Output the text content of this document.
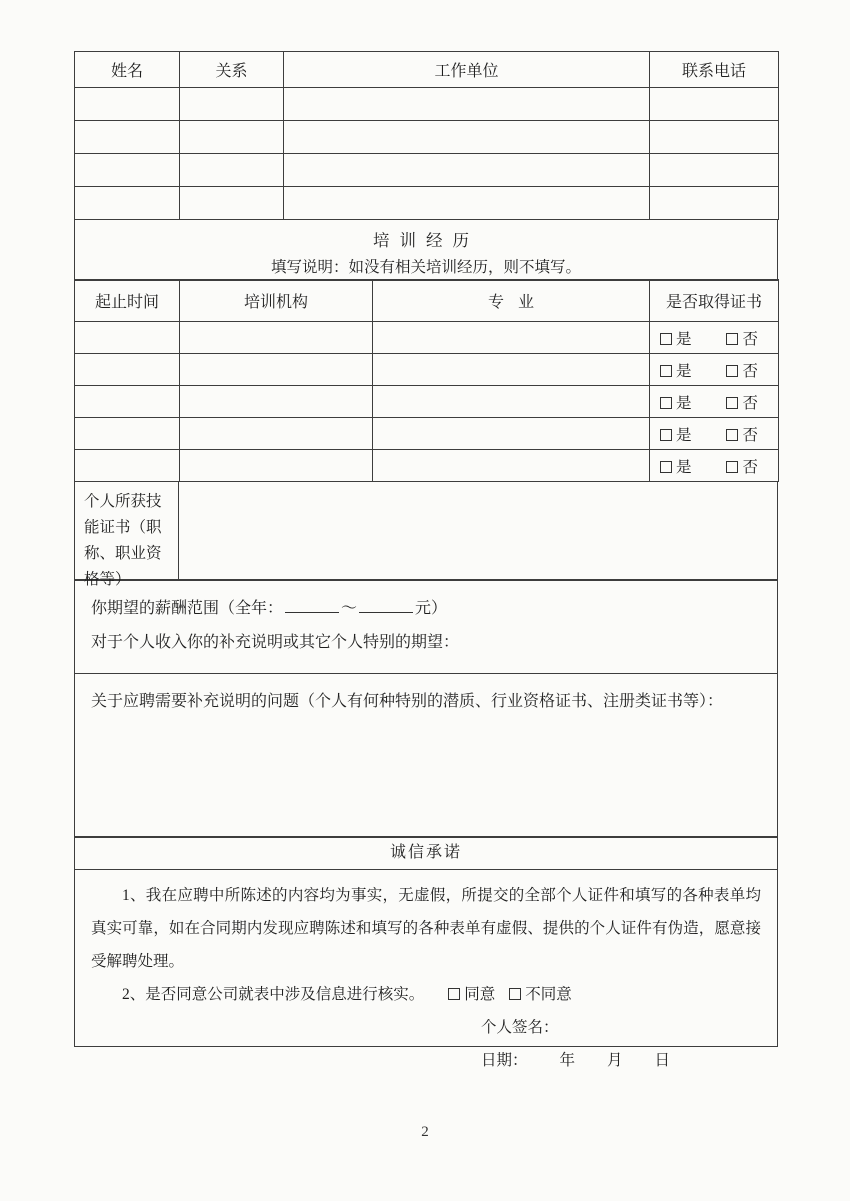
姓名	关系	工作单位	联系电话

培训经历
填写说明：如没有相关培训经历，则不填写。
起止时间	培训机构	专业	是否取得证书

			是 否

			是 否

			是 否

			是 否

			是 否
个人所获技能证书（职称、职业资格等）
你期望的薪酬范围（全年：	～	元）
对于个人收入你的补充说明或其它个人特别的期望：
关于应聘需要补充说明的问题（个人有何种特别的潜质、行业资格证书、注册类证书等）：
诚信承诺

1、我在应聘中所陈述的内容均为事实，无虚假，所提交的全部个人证件和填写的各种表单均真实可靠，如在合同期内发现应聘陈述和填写的各种表单有虚假、提供的个人证件有伪造，愿意接受解聘处理。

2、是否同意公司就表中涉及信息进行核实。	同意 不同意

个人签名：

日期： 年 月 日

2
